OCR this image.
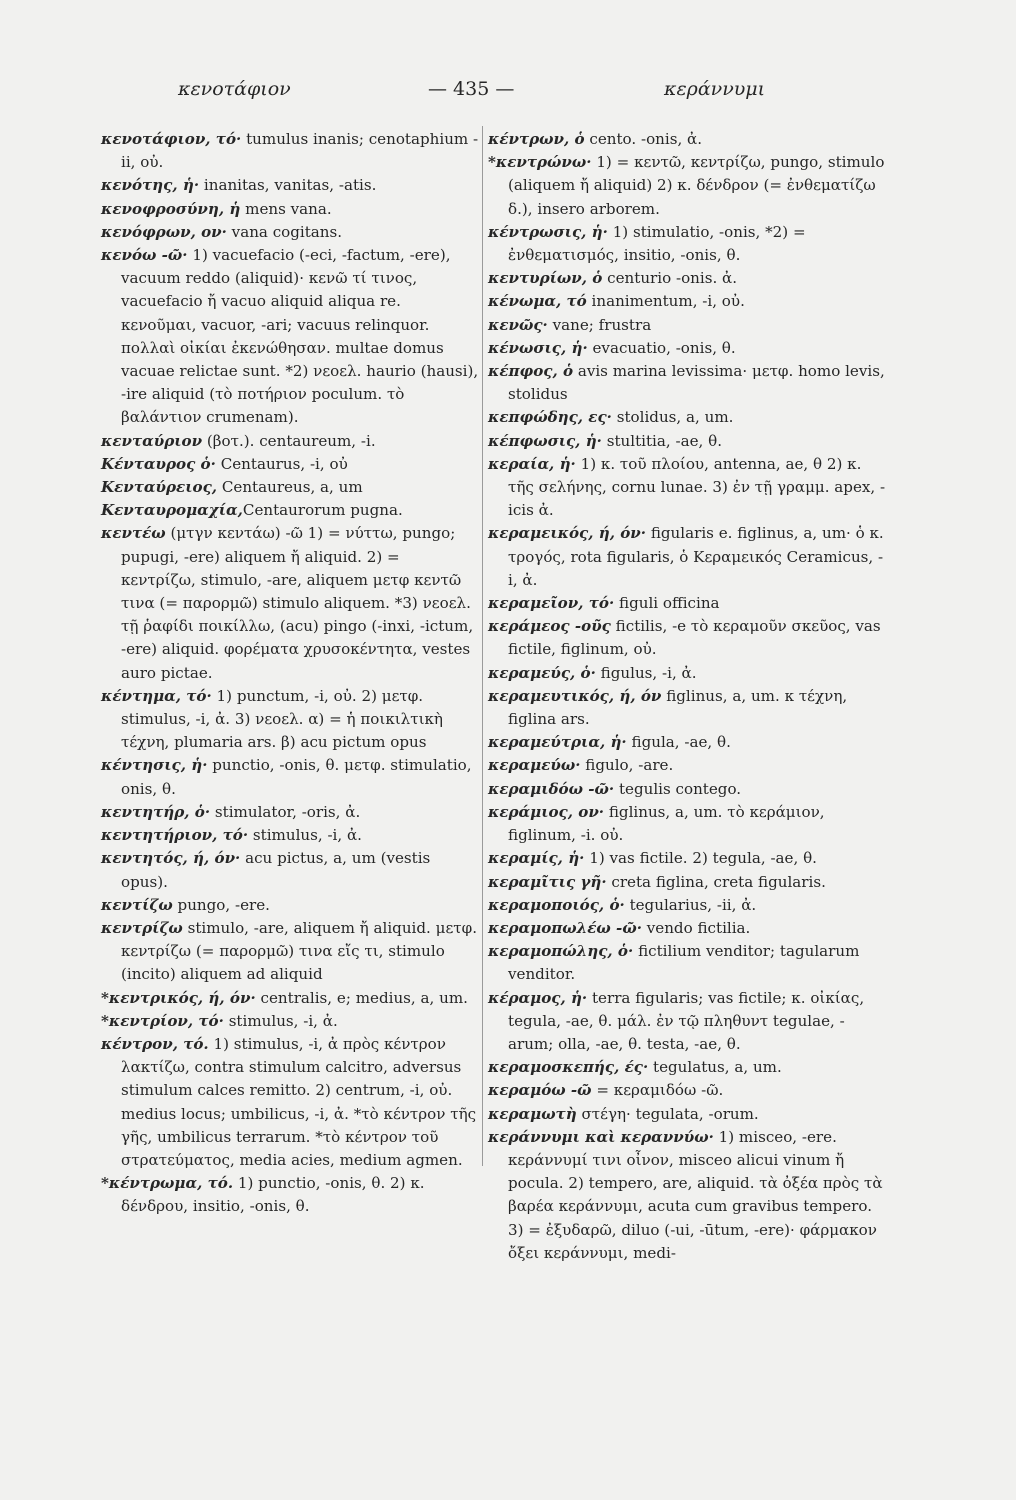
κενοτάφιον	— 435 —	κεράννυμι

κενοτάφιον, τό· tumulus inanis; cenotaphium -ii, οὐ.

κενότης, ἡ· inanitas, vanitas, -atis.

κενοφροσύνη, ἡ mens vana.

κενόφρων, ον· vana cogitans.

κενόω -ῶ· 1) vacuefacio (-eci, -factum, -ere), vacuum reddo (aliquid)· κενῶ τί τινος, vacuefacio ἤ vacuo aliquid aliqua re. κενοῦμαι, vacuor, -ari; vacuus relinquor. πολλαὶ οἰκίαι ἐκενώθησαν. multae domus vacuae relictae sunt. *2) νεοελ. haurio (hausi), -ire aliquid (τὸ ποτήριον poculum. τὸ βαλάντιον crumenam).

κενταύριον (βοτ.). centaureum, -i.

Κένταυρος ὁ· Centaurus, -i, οὐ

Κενταύρειος, Centaureus, a, um

Κενταυρομαχία,Centaurorum pugna.

κεντέω (μτγν κεντάω) -ῶ 1) = νύττω, pungo; pupugi, -ere) aliquem ἤ aliquid. 2) = κεντρίζω, stimulo, -are, aliquem μετφ κεντῶ τινα (= παρορμῶ) stimulo aliquem. *3) νεοελ. τῇ ῥαφίδι ποικίλλω, (acu) pingo (-inxi, -ictum, -ere) aliquid. φορέματα χρυσοκέντητα, vestes auro pictae.

κέντημα, τό· 1) punctum, -i, οὐ. 2) μετφ. stimulus, -i, ἀ. 3) νεοελ. α) = ἡ ποικιλτικὴ τέχνη, plumaria ars. β) acu pictum opus

κέντησις, ἡ· punctio, -onis, θ. μετφ. stimulatio, onis, θ.

κεντητήρ, ὁ· stimulator, -oris, ἀ.

κεντητήριον, τό· stimulus, -i, ἀ.

κεντητός, ή, όν· acu pictus, a, um (vestis opus).

κεντίζω pungo, -ere.

κεντρίζω stimulo, -are, aliquem ἤ aliquid. μετφ. κεντρίζω (= παρορμῶ) τινα εἴς τι, stimulo (incito) aliquem ad aliquid

*κεντρικός, ή, όν· centralis, e; medius, a, um.

*κεντρίον, τό· stimulus, -i, ἀ.

κέντρον, τό. 1) stimulus, -i, ἀ πρὸς κέντρον λακτίζω, contra stimulum calcitro, adversus stimulum calces remitto. 2) centrum, -i, οὐ. medius locus; umbilicus, -i, ἀ. *τὸ κέντρον τῆς γῆς, umbilicus terrarum. *τὸ κέντρον τοῦ στρατεύματος, media acies, medium agmen.

*κέντρωμα, τό. 1) punctio, -onis, θ. 2) κ. δένδρου, insitio, -onis, θ.

κέντρων, ὁ cento. -onis, ἀ.

*κεντρώνω· 1) = κεντῶ, κεντρίζω, pungo, stimulo (aliquem ἤ aliquid) 2) κ. δένδρον (= ἐνθεματίζω δ.), insero arborem.

κέντρωσις, ἡ· 1) stimulatio, -onis, *2) = ἐνθεματισμός, insitio, -onis, θ.

κεντυρίων, ὁ centurio -onis. ἀ.

κένωμα, τό inanimentum, -i, οὐ.

κενῶς· vane; frustra

κένωσις, ἡ· evacuatio, -onis, θ.

κέπφος, ὁ avis marina levissima· μετφ. homo levis, stolidus

κεπφώδης, ες· stolidus, a, um.

κέπφωσις, ἡ· stultitia, -ae, θ.

κεραία, ἡ· 1) κ. τοῦ πλοίου, antenna, ae, θ 2) κ. τῆς σελήνης, cornu lunae. 3) ἐν τῇ γραμμ. apex, -icis ἀ.

κεραμεικός, ή, όν· figularis e. figlinus, a, um· ὁ κ. τρογός, rota figularis, ὁ Κεραμεικός Ceramicus, -i, ἀ.

κεραμεῖον, τό· figuli officina

κεράμεος -οῦς fictilis, -e τὸ κεραμοῦν σκεῦος, vas fictile, figlinum, οὐ.

κεραμεύς, ὁ· figulus, -i, ἀ.

κεραμευτικός, ή, όν figlinus, a, um. κ τέχνη, figlina ars.

κεραμεύτρια, ἡ· figula, -ae, θ.

κεραμεύω· figulo, -are.

κεραμιδόω -ῶ· tegulis contego.

κεράμιος, ον· figlinus, a, um. τὸ κεράμιον, figlinum, -i. οὐ.

κεραμίς, ἡ· 1) vas fictile. 2) tegula, -ae, θ.

κεραμῖτις γῆ· creta figlina, creta figularis.

κεραμοποιός, ὁ· tegularius, -ii, ἀ.

κεραμοπωλέω -ῶ· vendo fictilia.

κεραμοπώλης, ὁ· fictilium venditor; tagularum venditor.

κέραμος, ἡ· terra figularis; vas fictile; κ. οἰκίας, tegula, -ae, θ. μάλ. ἐν τῷ πληθυντ tegulae, -arum; olla, -ae, θ. testa, -ae, θ.

κεραμοσκεπής, ές· tegulatus, a, um.

κεραμόω -ῶ = κεραμιδόω -ῶ.

κεραμωτὴ στέγη· tegulata, -orum.

κεράννυμι καὶ κεραννύω· 1) misceo, -ere. κεράννυμί τινι οἶνον, misceo alicui vinum ἤ pocula. 2) tempero, are, aliquid. τὰ ὀξέα πρὸς τὰ βαρέα κεράννυμι, acuta cum gravibus tempero. 3) = ἐξυδαρῶ, diluo (-ui, -ūtum, -ere)· φάρμακον ὄξει κεράννυμι, medi-
